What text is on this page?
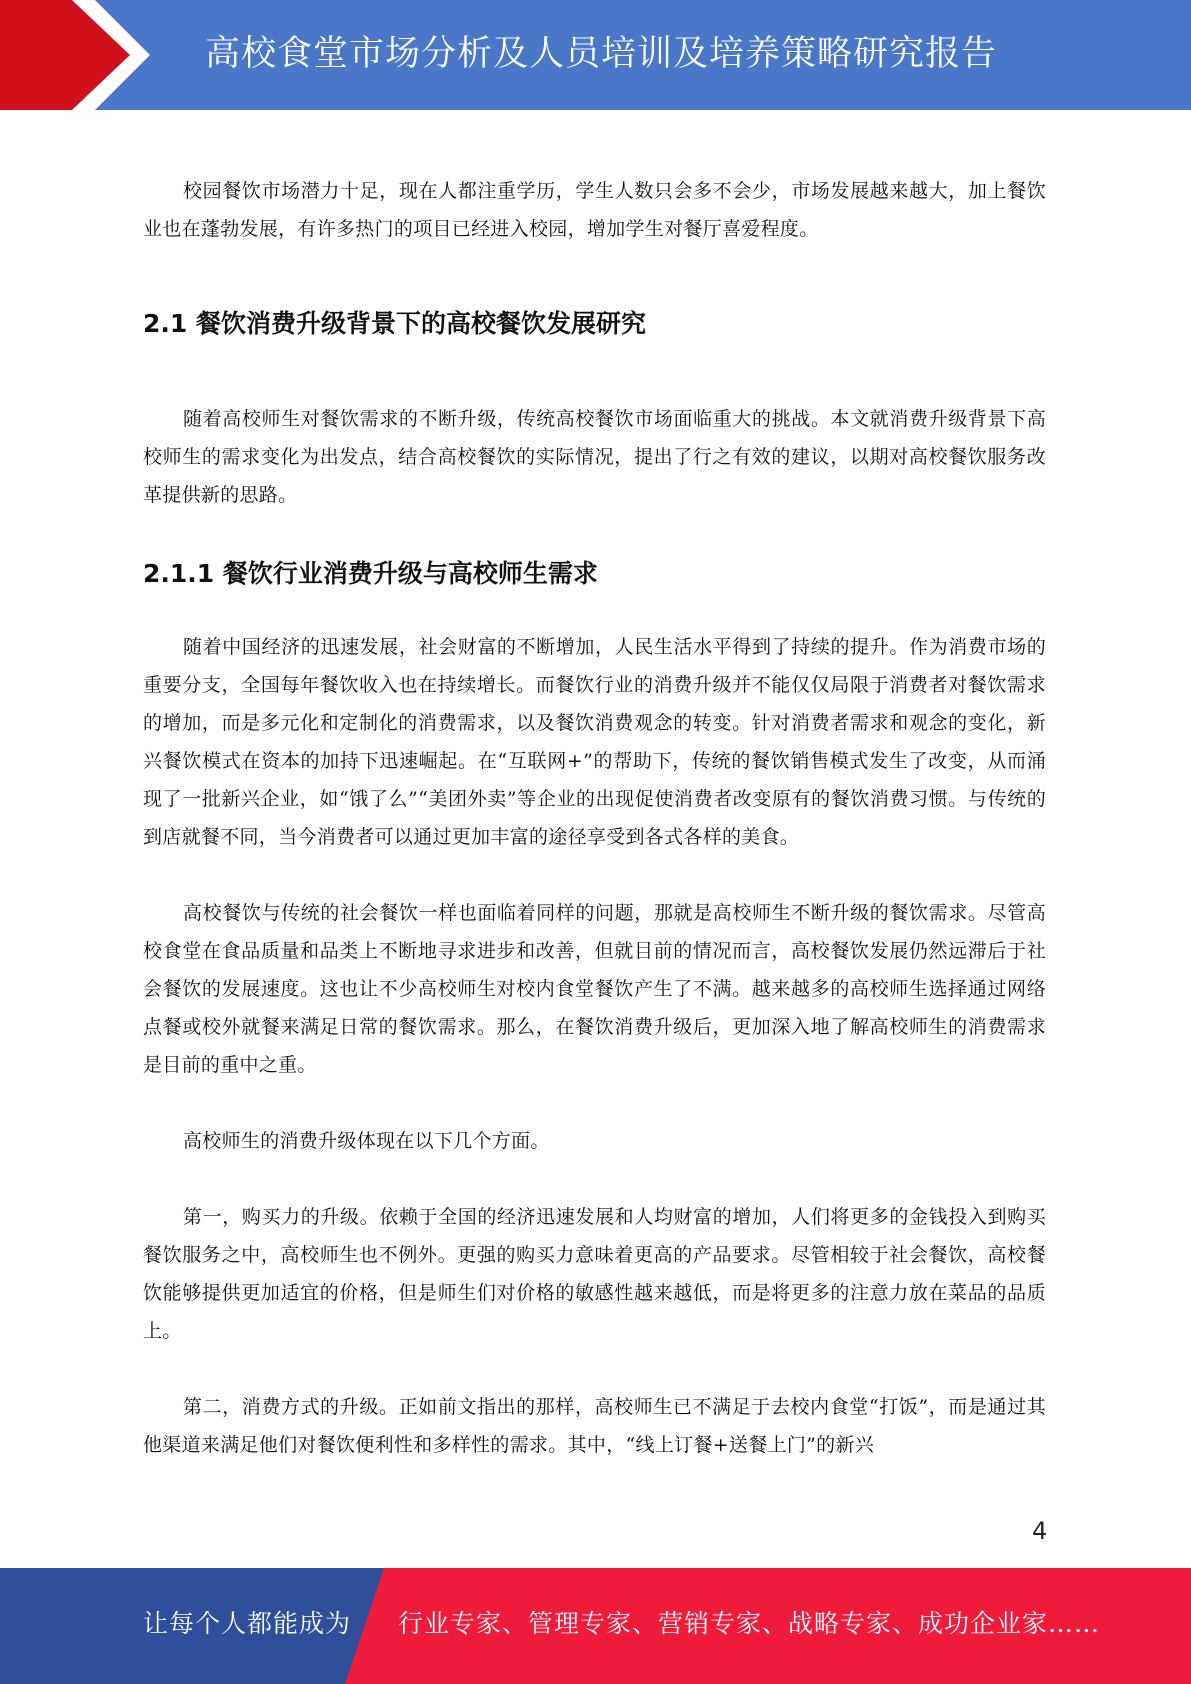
高校食堂市场分析及人员培训及培养策略研究报告

校园餐饮市场潜力十足，现在人都注重学历，学生人数只会多不会少，市场发展越来越大，加上餐饮业也在蓬勃发展，有许多热门的项目已经进入校园，增加学生对餐厅喜爱程度。

2.1 餐饮消费升级背景下的高校餐饮发展研究

随着高校师生对餐饮需求的不断升级，传统高校餐饮市场面临重大的挑战。本文就消费升级背景下高校师生的需求变化为出发点，结合高校餐饮的实际情况，提出了行之有效的建议，以期对高校餐饮服务改革提供新的思路。

2.1.1 餐饮行业消费升级与高校师生需求

随着中国经济的迅速发展，社会财富的不断增加，人民生活水平得到了持续的提升。作为消费市场的重要分支，全国每年餐饮收入也在持续增长。而餐饮行业的消费升级并不能仅仅局限于消费者对餐饮需求的增加，而是多元化和定制化的消费需求，以及餐饮消费观念的转变。针对消费者需求和观念的变化，新兴餐饮模式在资本的加持下迅速崛起。在“互联网+”的帮助下，传统的餐饮销售模式发生了改变，从而涌现了一批新兴企业，如“饿了么”“美团外卖”等企业的出现促使消费者改变原有的餐饮消费习惯。与传统的到店就餐不同，当今消费者可以通过更加丰富的途径享受到各式各样的美食。

高校餐饮与传统的社会餐饮一样也面临着同样的问题，那就是高校师生不断升级的餐饮需求。尽管高校食堂在食品质量和品类上不断地寻求进步和改善，但就目前的情况而言，高校餐饮发展仍然远滞后于社会餐饮的发展速度。这也让不少高校师生对校内食堂餐饮产生了不满。越来越多的高校师生选择通过网络点餐或校外就餐来满足日常的餐饮需求。那么，在餐饮消费升级后，更加深入地了解高校师生的消费需求是目前的重中之重。

高校师生的消费升级体现在以下几个方面。

第一，购买力的升级。依赖于全国的经济迅速发展和人均财富的增加，人们将更多的金钱投入到购买餐饮服务之中，高校师生也不例外。更强的购买力意味着更高的产品要求。尽管相较于社会餐饮，高校餐饮能够提供更加适宜的价格，但是师生们对价格的敏感性越来越低，而是将更多的注意力放在菜品的品质上。

第二，消费方式的升级。正如前文指出的那样，高校师生已不满足于去校内食堂“打饭”，而是通过其他渠道来满足他们对餐饮便利性和多样性的需求。其中，“线上订餐+送餐上门”的新兴

4
让每个人都能成为 行业专家、管理专家、营销专家、战略专家、成功企业家……
